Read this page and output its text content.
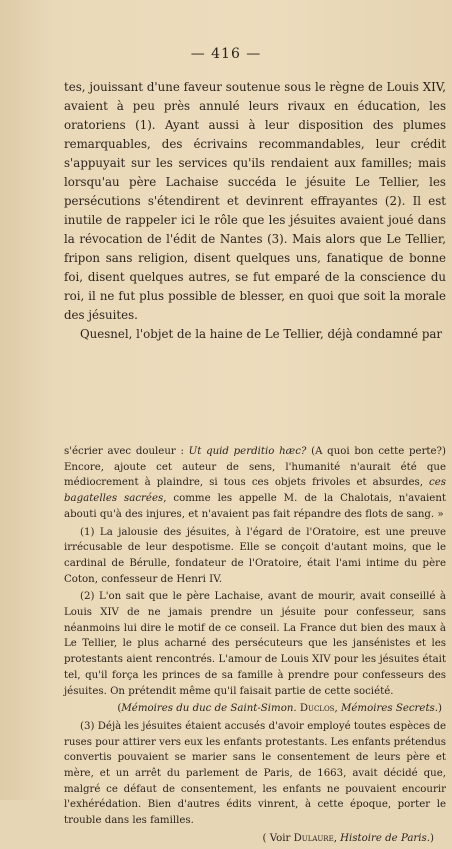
— 416 —

tes, jouissant d'une faveur soutenue sous le règne de Louis XIV, avaient à peu près annulé leurs rivaux en éducation, les oratoriens (1). Ayant aussi à leur disposition des plumes remarquables, des écrivains recommandables, leur crédit s'appuyait sur les services qu'ils rendaient aux familles; mais lorsqu'au père Lachaise succéda le jésuite Le Tellier, les persécutions s'étendirent et devinrent effrayantes (2). Il est inutile de rappeler ici le rôle que les jésuites avaient joué dans la révocation de l'édit de Nantes (3). Mais alors que Le Tellier, fripon sans religion, disent quelques uns, fanatique de bonne foi, disent quelques autres, se fut emparé de la conscience du roi, il ne fut plus possible de blesser, en quoi que soit la morale des jésuites.

Quesnel, l'objet de la haine de Le Tellier, déjà condamné par

s'écrier avec douleur : Ut quid perditio hæc? (A quoi bon cette perte?) Encore, ajoute cet auteur de sens, l'humanité n'aurait été que médiocrement à plaindre, si tous ces objets frivoles et absurdes, ces bagatelles sacrées, comme les appelle M. de la Chalotais, n'avaient abouti qu'à des injures, et n'avaient pas fait répandre des flots de sang. »

(1) La jalousie des jésuites, à l'égard de l'Oratoire, est une preuve irrécusable de leur despotisme. Elle se conçoit d'autant moins, que le cardinal de Bérulle, fondateur de l'Oratoire, était l'ami intime du père Coton, confesseur de Henri IV.

(2) L'on sait que le père Lachaise, avant de mourir, avait conseillé à Louis XIV de ne jamais prendre un jésuite pour confesseur, sans néanmoins lui dire le motif de ce conseil. La France dut bien des maux à Le Tellier, le plus acharné des persécuteurs que les jansénistes et les protestants aient rencontrés. L'amour de Louis XIV pour les jésuites était tel, qu'il força les princes de sa famille à prendre pour confesseurs des jésuites. On prétendit même qu'il faisait partie de cette société.

(Mémoires du duc de Saint-Simon. Duclos, Mémoires Secrets.)

(3) Déjà les jésuites étaient accusés d'avoir employé toutes espèces de ruses pour attirer vers eux les enfants protestants. Les enfants prétendus convertis pouvaient se marier sans le consentement de leurs père et mère, et un arrêt du parlement de Paris, de 1663, avait décidé que, malgré ce défaut de consentement, les enfants ne pouvaient encourir l'exhérédation. Bien d'autres édits vinrent, à cette époque, porter le trouble dans les familles.

( Voir Dulaure, Histoire de Paris.)
